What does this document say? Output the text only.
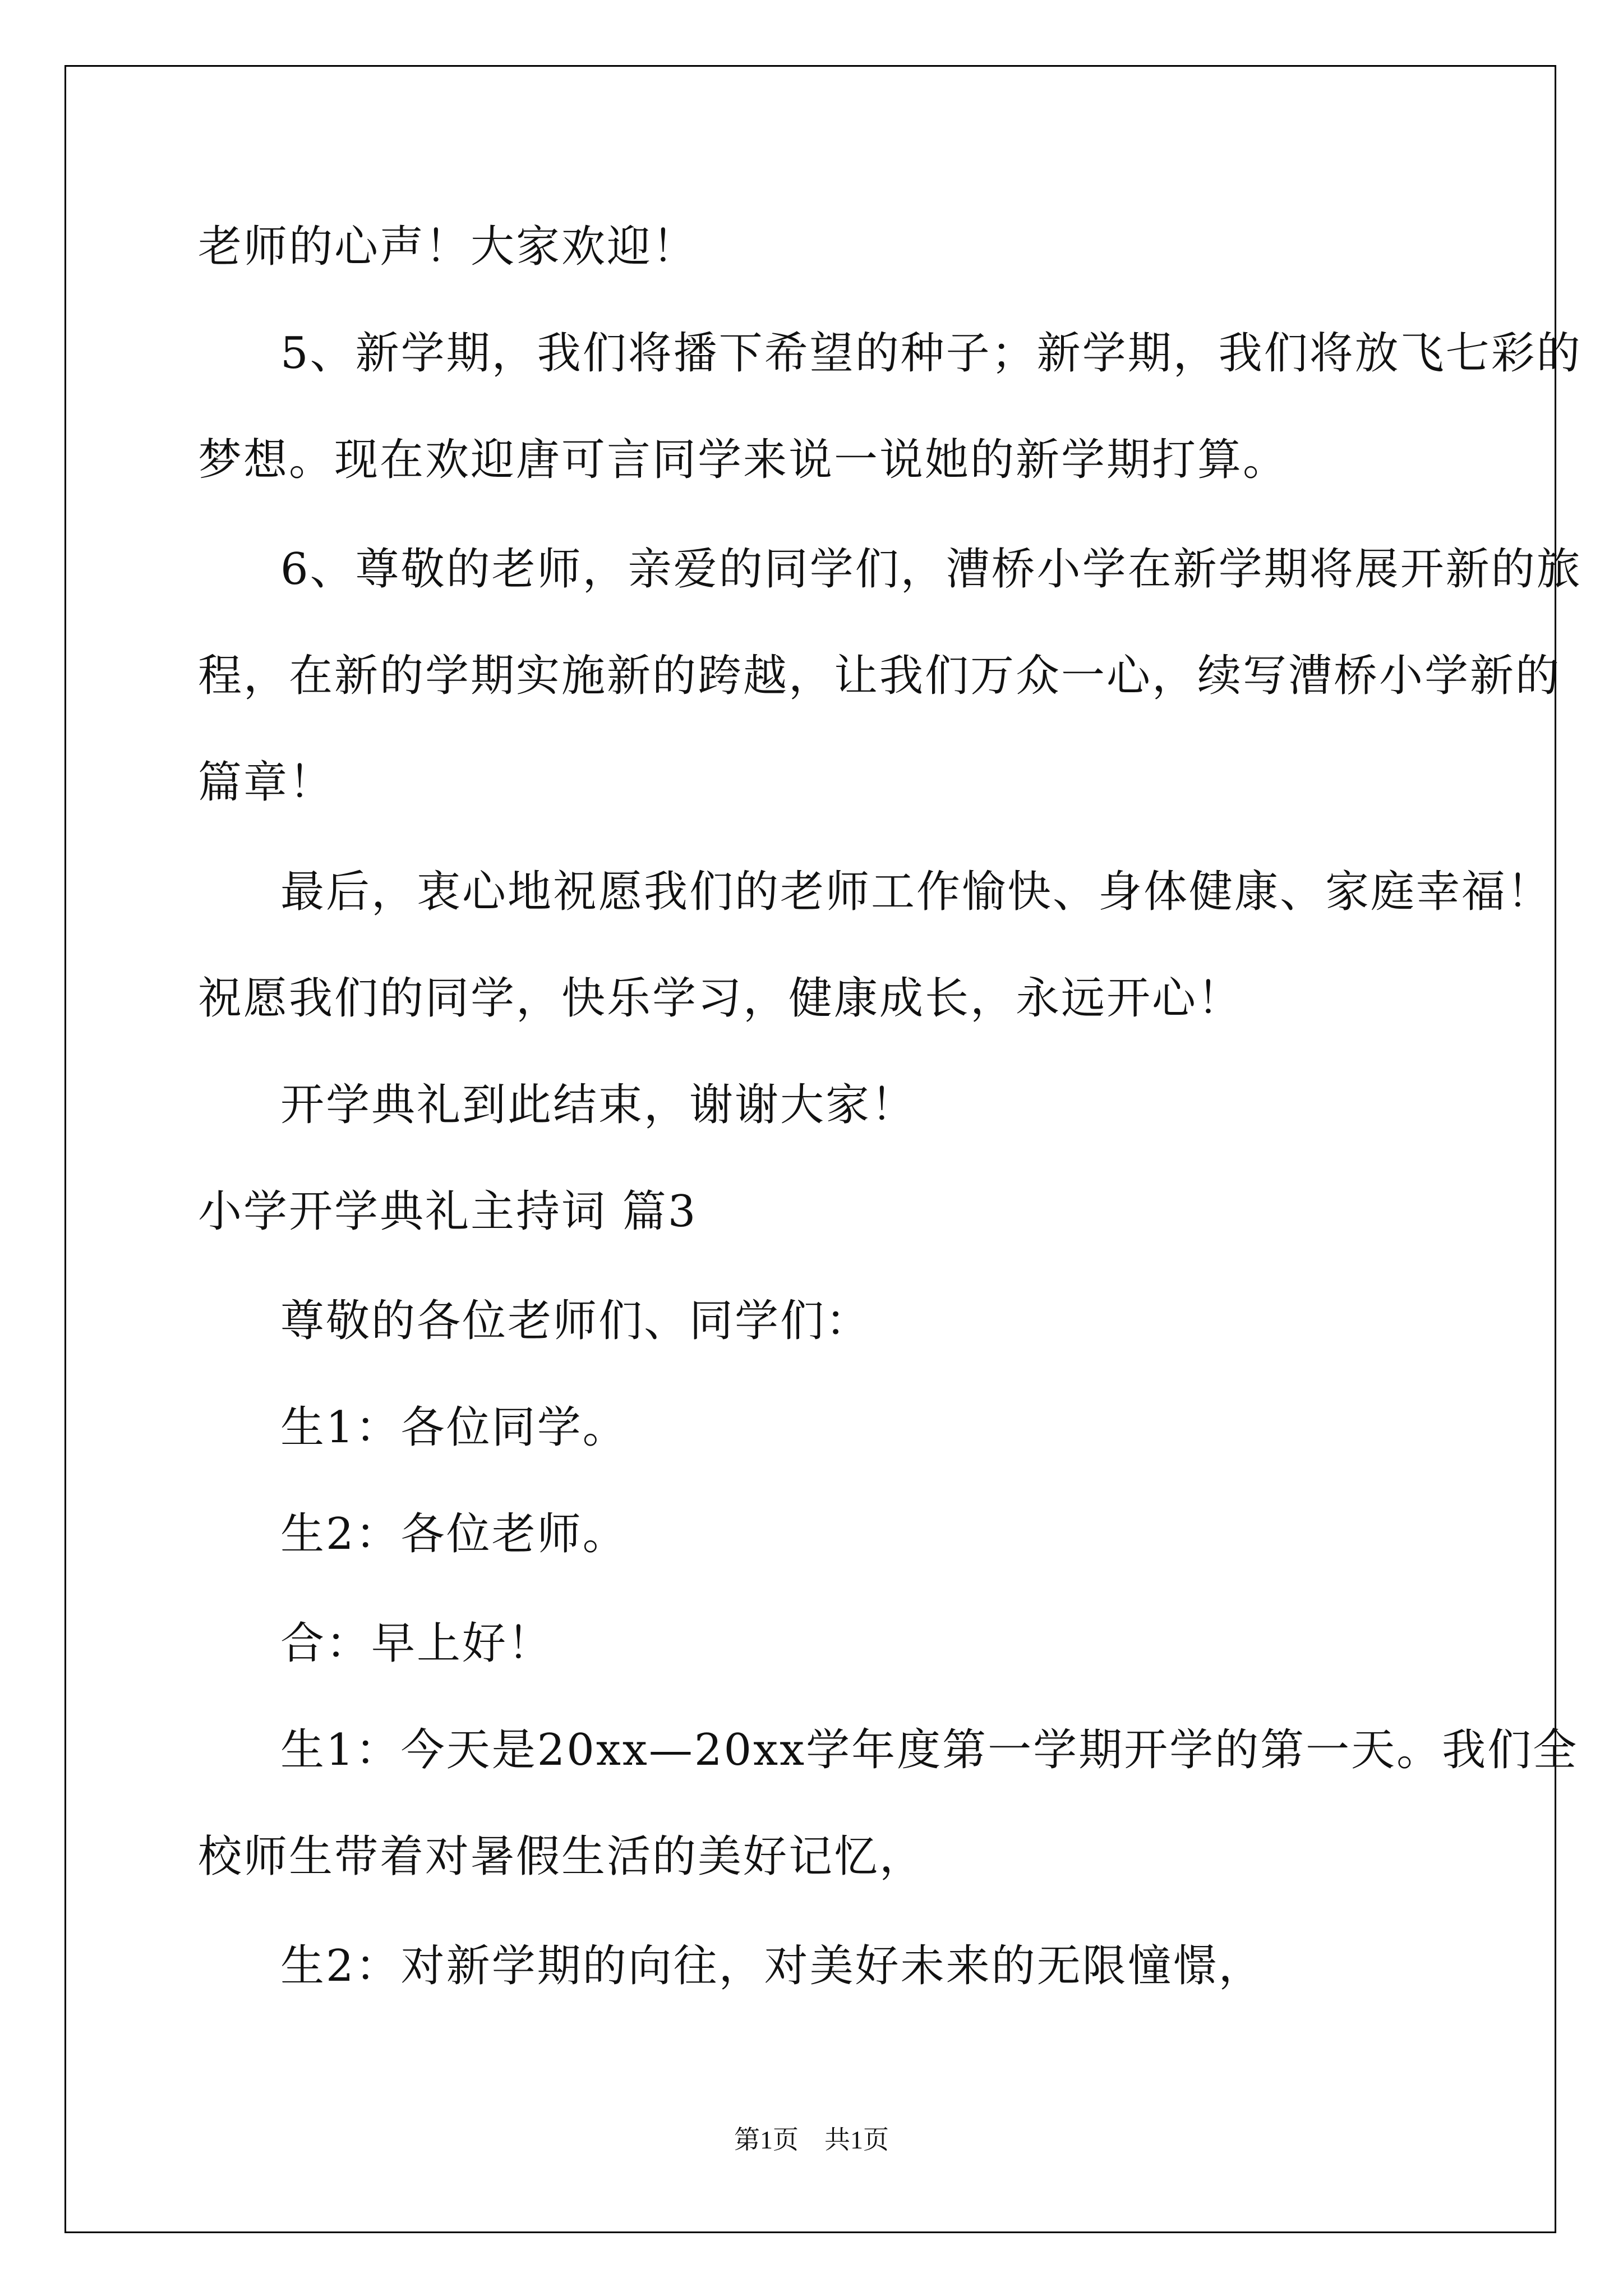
老师的心声！大家欢迎！

5、新学期，我们将播下希望的种子；新学期，我们将放飞七彩的

梦想。现在欢迎唐可言同学来说一说她的新学期打算。

6、尊敬的老师，亲爱的同学们，漕桥小学在新学期将展开新的旅

程，在新的学期实施新的跨越，让我们万众一心，续写漕桥小学新的

篇章！

最后，衷心地祝愿我们的老师工作愉快、身体健康、家庭幸福！

祝愿我们的同学，快乐学习，健康成长，永远开心！

开学典礼到此结束，谢谢大家！

小学开学典礼主持词 篇3

尊敬的各位老师们、同学们：

生1：各位同学。

生2：各位老师。

合：早上好！

生1：今天是20xx—20xx学年度第一学期开学的第一天。我们全

校师生带着对暑假生活的美好记忆，

生2：对新学期的向往，对美好未来的无限憧憬，

第1页　共1页
